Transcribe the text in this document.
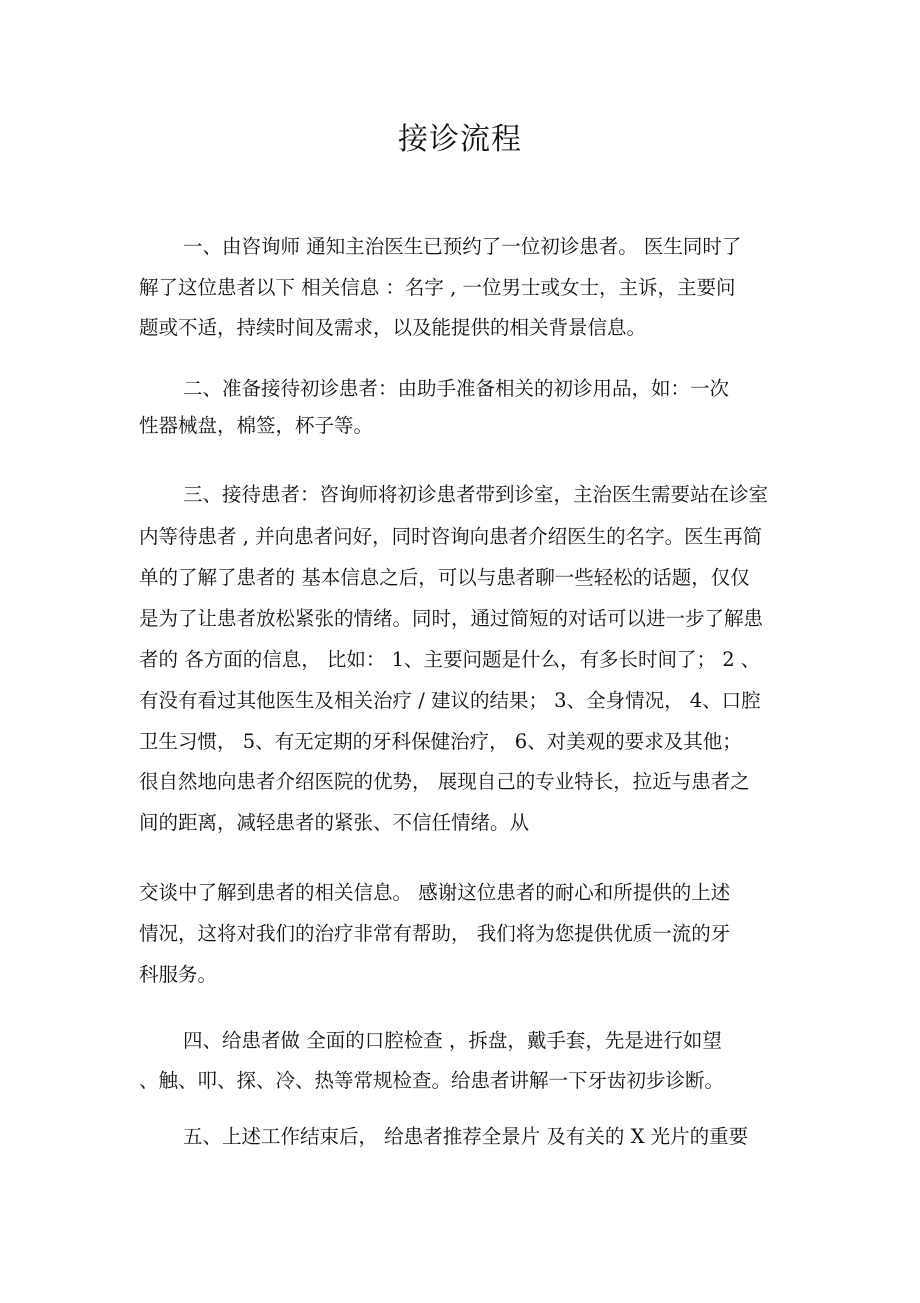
接诊流程
一、由咨询师 通知主治医生已预约了一位初诊患者。 医生同时了
解了这位患者以下 相关信息 ：名字 , 一位男士或女士，主诉，主要问
题或不适，持续时间及需求，以及能提供的相关背景信息。
二、准备接待初诊患者：由助手准备相关的初诊用品，如：一次
性器械盘，棉签，杯子等。
三、接待患者：咨询师将初诊患者带到诊室，主治医生需要站在诊室
内等待患者 , 并向患者问好，同时咨询向患者介绍医生的名字。医生再简
单的了解了患者的 基本信息之后，可以与患者聊一些轻松的话题，仅仅
是为了让患者放松紧张的情绪。同时，通过简短的对话可以进一步了解患
者的 各方面的信息， 比如： 1、主要问题是什么，有多长时间了； 2 、
有没有看过其他医生及相关治疗 / 建议的结果； 3、全身情况， 4、口腔
卫生习惯， 5、有无定期的牙科保健治疗， 6、对美观的要求及其他；
很自然地向患者介绍医院的优势， 展现自己的专业特长，拉近与患者之
间的距离，减轻患者的紧张、不信任情绪。从
交谈中了解到患者的相关信息。 感谢这位患者的耐心和所提供的上述
情况，这将对我们的治疗非常有帮助， 我们将为您提供优质一流的牙
科服务。
四、给患者做 全面的口腔检查 ，拆盘，戴手套，先是进行如望
、触、叩、探、冷、热等常规检查。给患者讲解一下牙齿初步诊断。
五、上述工作结束后， 给患者推荐全景片 及有关的 X 光片的重要
